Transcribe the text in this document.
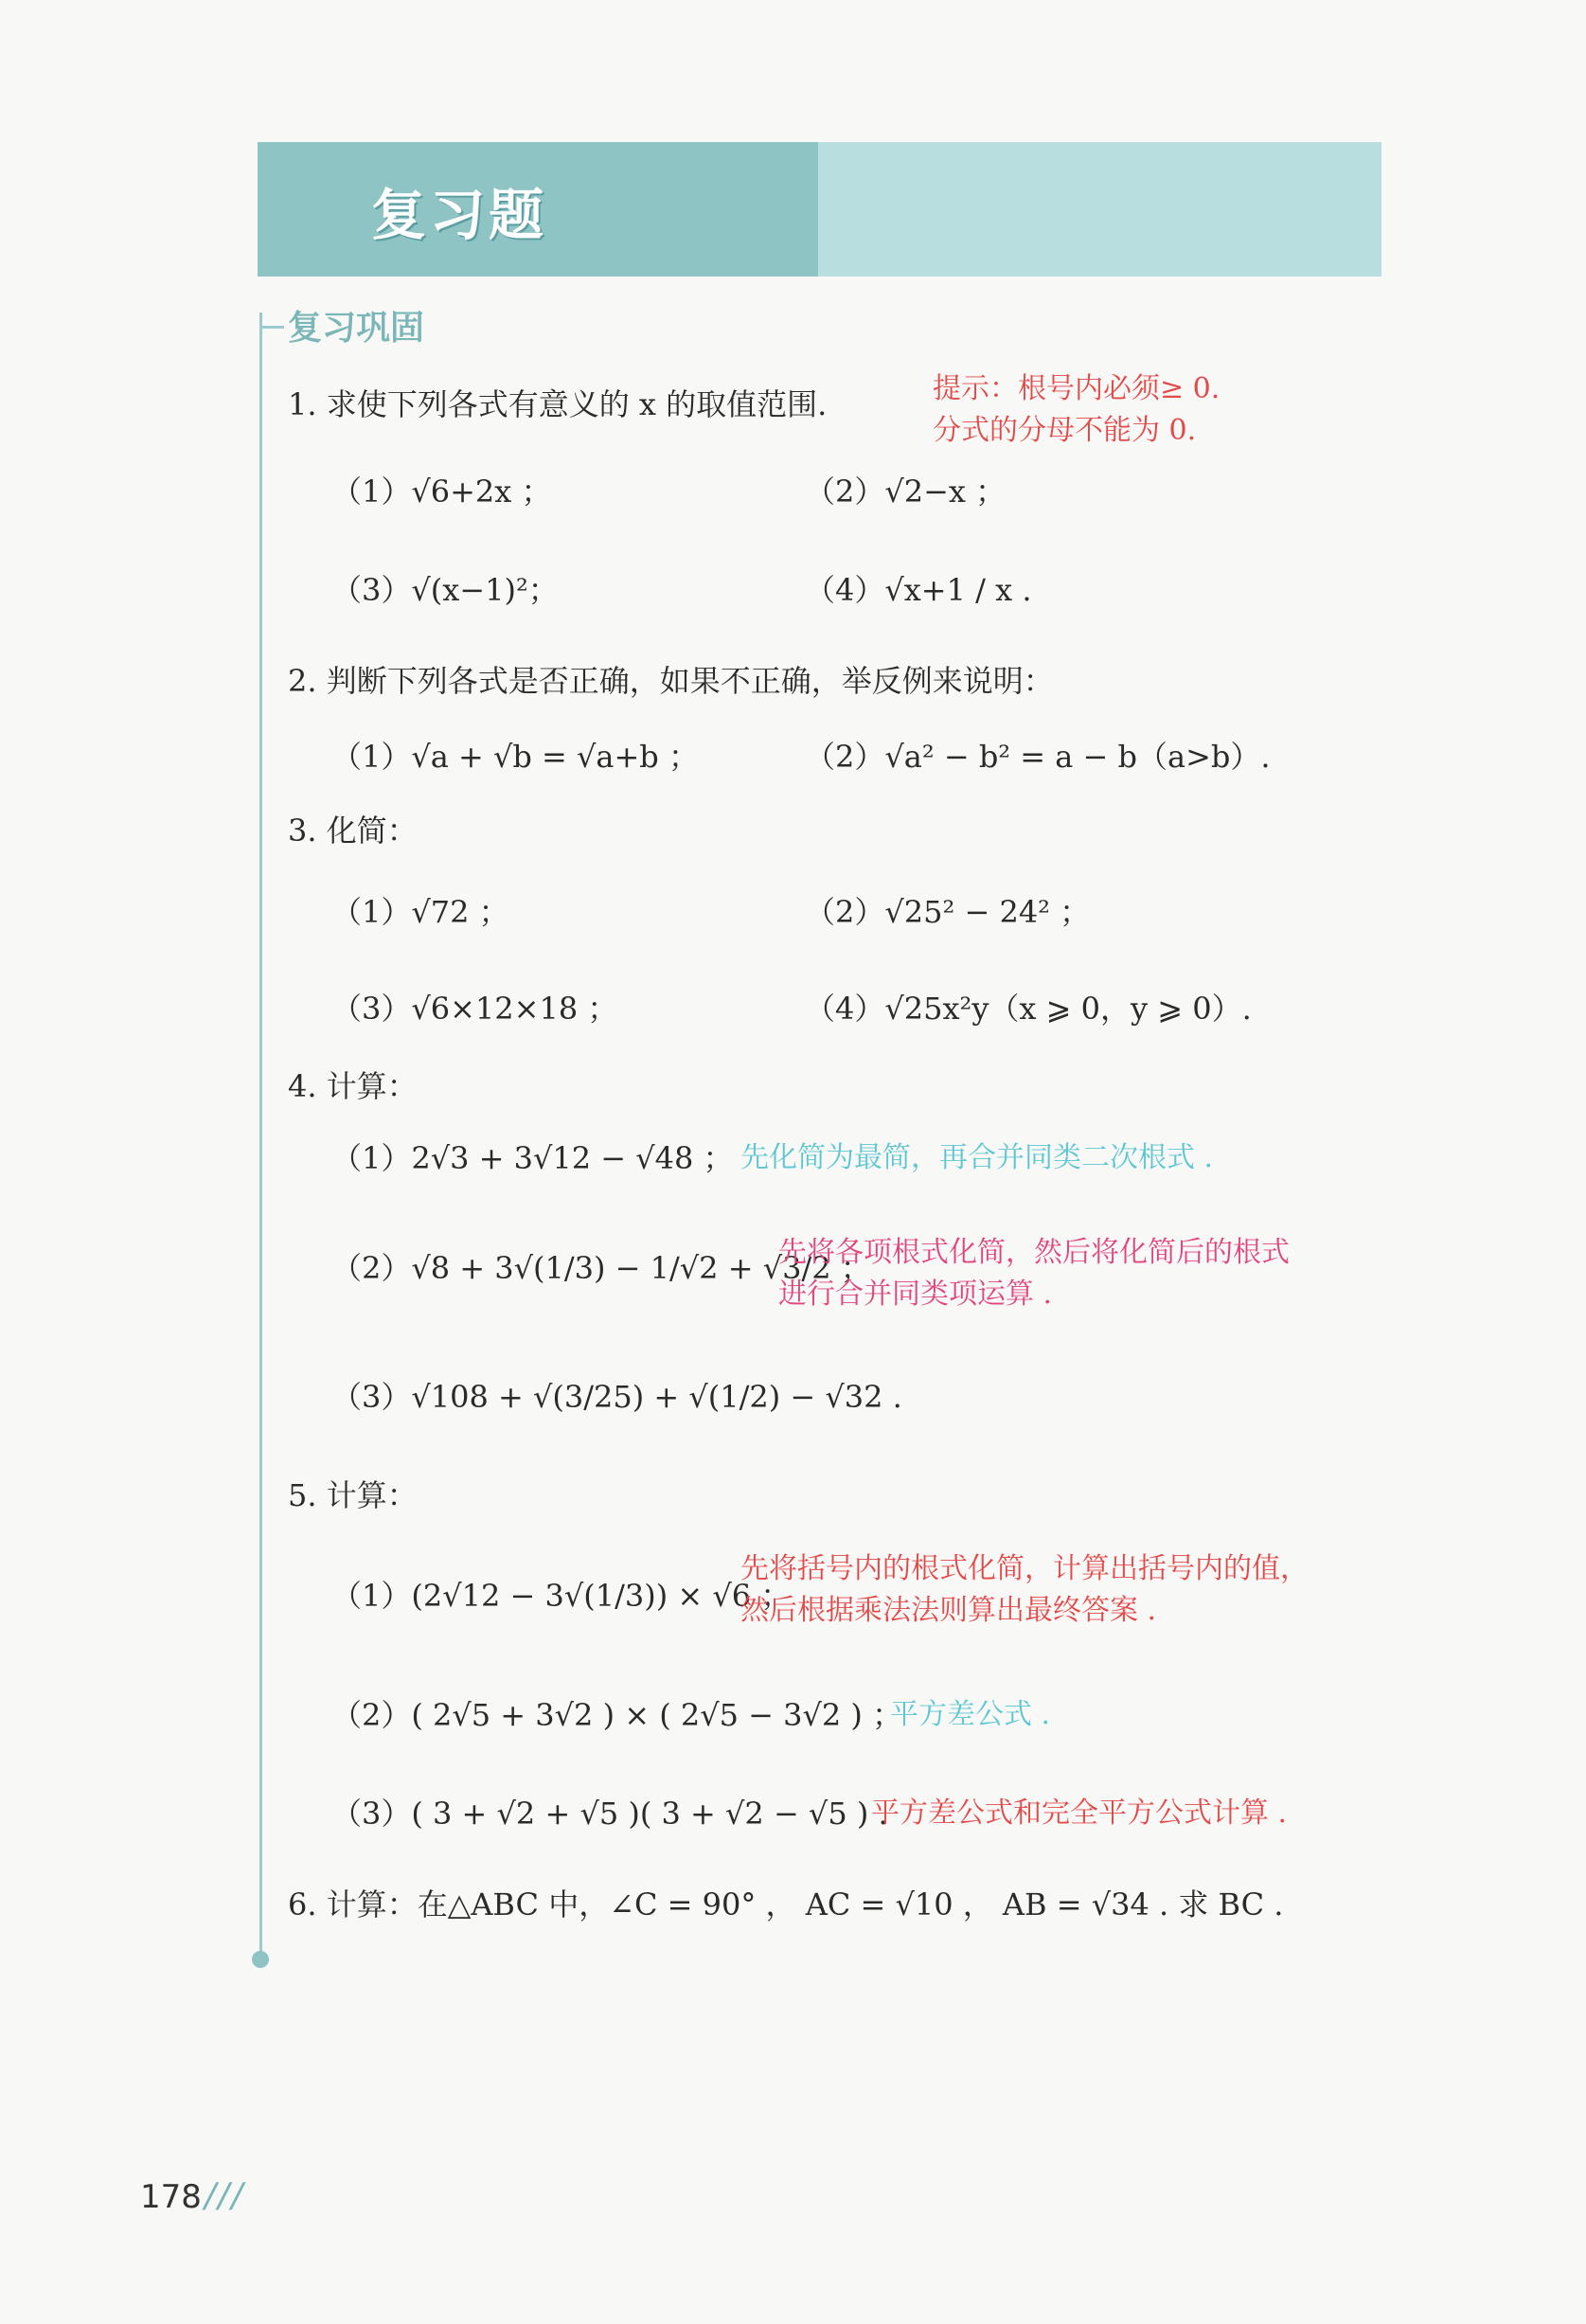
复习题
复习巩固
1. 求使下列各式有意义的 x 的取值范围.	提示：根号内必须≥ 0.
分式的分母不能为 0.
（1）√6+2x ；	（2）√2−x ；
（3）√(x−1)²；	（4）√x+1 / x .
2. 判断下列各式是否正确，如果不正确，举反例来说明：
（1）√a + √b = √a+b ；	（2）√a² − b² = a − b（a>b）.
3. 化简：
（1）√72 ；	（2）√25² − 24² ；
（3）√6×12×18 ；	（4）√25x²y（x ⩾ 0，y ⩾ 0）.
4. 计算：
（1）2√3 + 3√12 − √48 ； 先化简为最简，再合并同类二次根式 .
（2）√8 + 3√(1/3) − 1/√2 + √3/2 ；
先将各项根式化简，然后将化简后的根式
进行合并同类项运算 .
（3）√108 + √(3/25) + √(1/2) − √32 .
5. 计算：
（1）(2√12 − 3√(1/3)) × √6 ；
先将括号内的根式化简，计算出括号内的值，
然后根据乘法法则算出最终答案 .
（2）( 2√5 + 3√2 ) × ( 2√5 − 3√2 ) ；
平方差公式 .
（3）( 3 + √2 + √5 )( 3 + √2 − √5 ) .
平方差公式和完全平方公式计算 .
6. 计算：在△ABC 中，∠C = 90° ， AC = √10 ， AB = √34 . 求 BC .
178 ///
